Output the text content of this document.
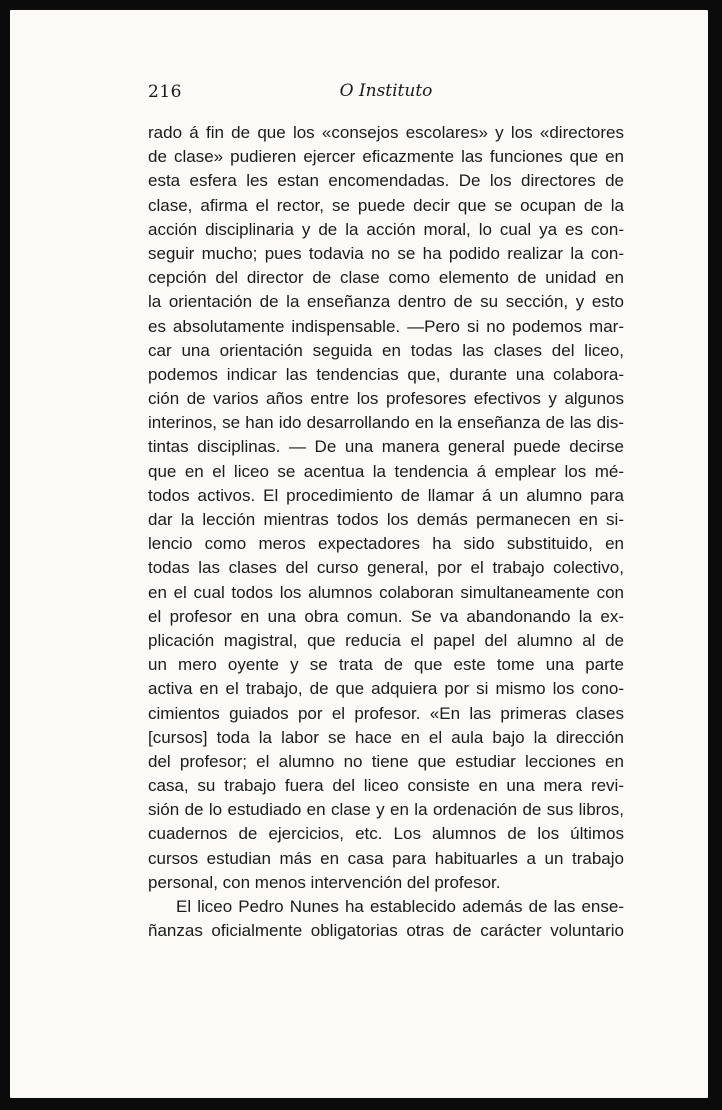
216	O Instituto
rado á fin de que los «consejos escolares» y los «directores
de clase» pudieren ejercer eficazmente las funciones que en
esta esfera les estan encomendadas. De los directores de
clase, afirma el rector, se puede decir que se ocupan de la
acción disciplinaria y de la acción moral, lo cual ya es con-
seguir mucho; pues todavia no se ha podido realizar la con-
cepción del director de clase como elemento de unidad en
la orientación de la enseñanza dentro de su sección, y esto
es absolutamente indispensable. —Pero si no podemos mar-
car una orientación seguida en todas las clases del liceo,
podemos indicar las tendencias que, durante una colabora-
ción de varios años entre los profesores efectivos y algunos
interinos, se han ido desarrollando en la enseñanza de las dis-
tintas disciplinas. — De una manera general puede decirse
que en el liceo se acentua la tendencia á emplear los mé-
todos activos. El procedimiento de llamar á un alumno para
dar la lección mientras todos los demás permanecen en si-
lencio como meros expectadores ha sido substituido, en
todas las clases del curso general, por el trabajo colectivo,
en el cual todos los alumnos colaboran simultaneamente con
el profesor en una obra comun. Se va abandonando la ex-
plicación magistral, que reducia el papel del alumno al de
un mero oyente y se trata de que este tome una parte
activa en el trabajo, de que adquiera por si mismo los cono-
cimientos guiados por el profesor. «En las primeras clases
[cursos] toda la labor se hace en el aula bajo la dirección
del profesor; el alumno no tiene que estudiar lecciones en
casa, su trabajo fuera del liceo consiste en una mera revi-
sión de lo estudiado en clase y en la ordenación de sus libros,
cuadernos de ejercicios, etc. Los alumnos de los últimos
cursos estudian más en casa para habituarles a un trabajo
personal, con menos intervención del profesor.
El liceo Pedro Nunes ha establecido además de las ense-
ñanzas oficialmente obligatorias otras de carácter voluntario
